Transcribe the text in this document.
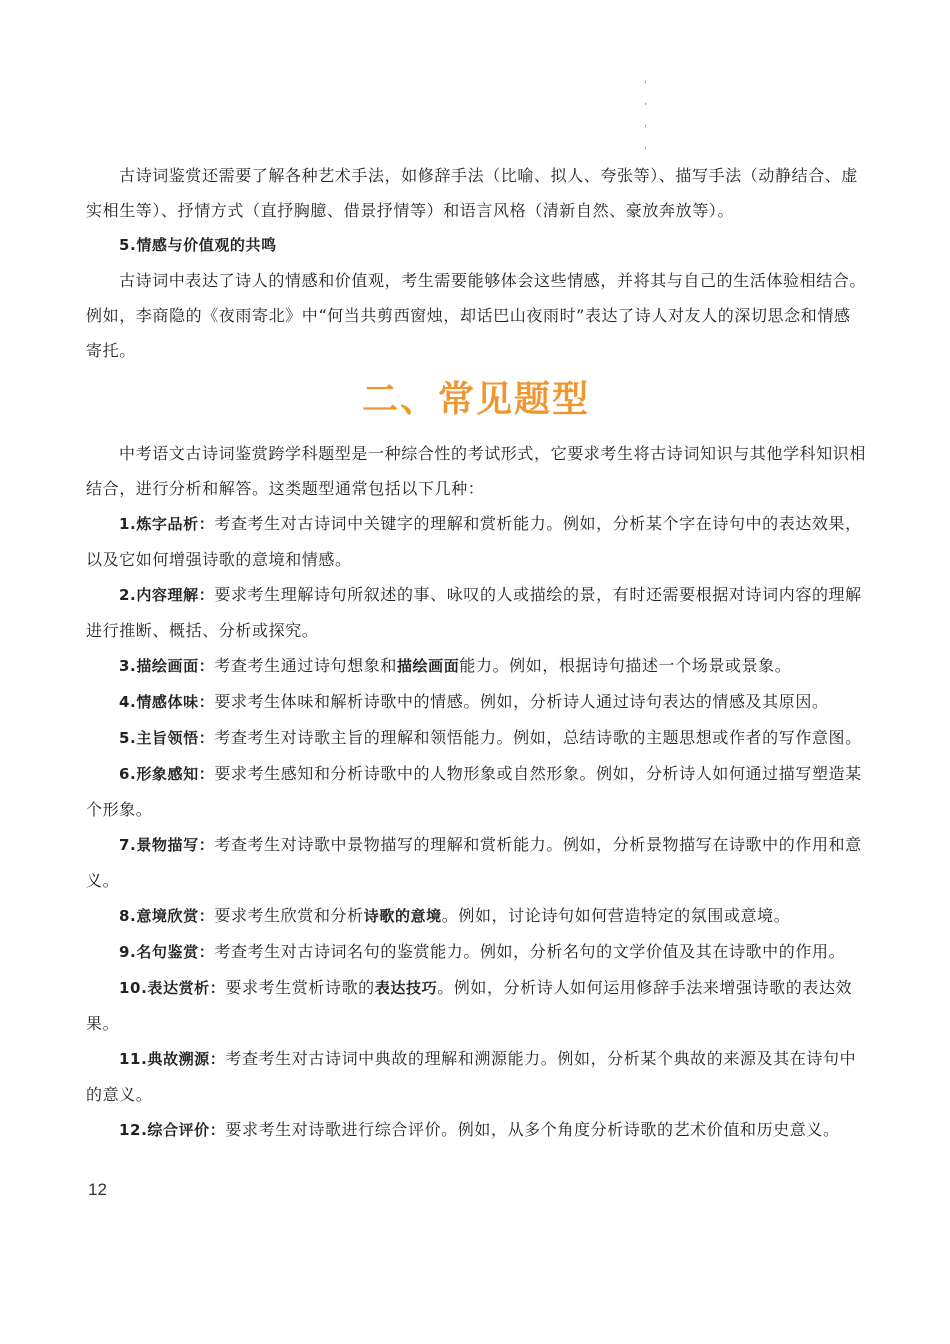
·
·
·
·

古诗词鉴赏还需要了解各种艺术手法，如修辞手法（比喻、拟人、夸张等）、描写手法（动静结合、虚实相生等）、抒情方式（直抒胸臆、借景抒情等）和语言风格（清新自然、豪放奔放等）。

5.情感与价值观的共鸣

古诗词中表达了诗人的情感和价值观，考生需要能够体会这些情感，并将其与自己的生活体验相结合。例如，李商隐的《夜雨寄北》中“何当共剪西窗烛，却话巴山夜雨时”表达了诗人对友人的深切思念和情感寄托。

二、常见题型

中考语文古诗词鉴赏跨学科题型是一种综合性的考试形式，它要求考生将古诗词知识与其他学科知识相结合，进行分析和解答。这类题型通常包括以下几种：

1.炼字品析：考查考生对古诗词中关键字的理解和赏析能力。例如，分析某个字在诗句中的表达效果，以及它如何增强诗歌的意境和情感。

2.内容理解：要求考生理解诗句所叙述的事、咏叹的人或描绘的景，有时还需要根据对诗词内容的理解进行推断、概括、分析或探究。

3.描绘画面：考查考生通过诗句想象和描绘画面能力。例如，根据诗句描述一个场景或景象。

4.情感体味：要求考生体味和解析诗歌中的情感。例如，分析诗人通过诗句表达的情感及其原因。

5.主旨领悟：考查考生对诗歌主旨的理解和领悟能力。例如，总结诗歌的主题思想或作者的写作意图。

6.形象感知：要求考生感知和分析诗歌中的人物形象或自然形象。例如，分析诗人如何通过描写塑造某个形象。

7.景物描写：考查考生对诗歌中景物描写的理解和赏析能力。例如，分析景物描写在诗歌中的作用和意义。

8.意境欣赏：要求考生欣赏和分析诗歌的意境。例如，讨论诗句如何营造特定的氛围或意境。

9.名句鉴赏：考查考生对古诗词名句的鉴赏能力。例如，分析名句的文学价值及其在诗歌中的作用。

10.表达赏析：要求考生赏析诗歌的表达技巧。例如，分析诗人如何运用修辞手法来增强诗歌的表达效果。

11.典故溯源：考查考生对古诗词中典故的理解和溯源能力。例如，分析某个典故的来源及其在诗句中的意义。

12.综合评价：要求考生对诗歌进行综合评价。例如，从多个角度分析诗歌的艺术价值和历史意义。

12
